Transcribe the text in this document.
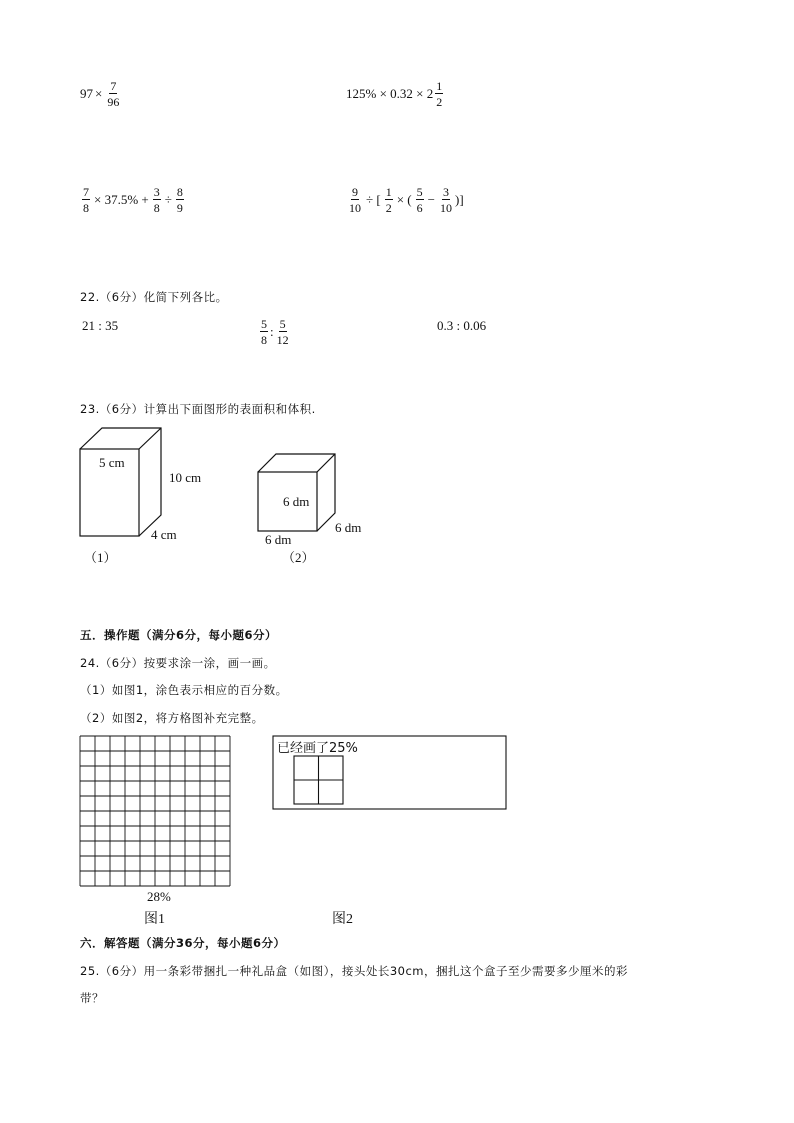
$97 \times \frac{7}{96}$	$125\% \times 0.32 \times 2 \frac{1}{2}$
$\frac{7}{8} \times 37.5\% + \frac{3}{8} \div \frac{8}{9}$	$\frac{9}{10}$ ÷ [ $\frac{1}{2}$ × ( $\frac{5}{6} - \frac{3}{10}$ )]
22.（6分）化简下列各比。
21 : 35	$\frac{5}{8}$ : $\frac{5}{12}$	0.3 : 0.06
23.（6分）计算出下面图形的表面积和体积.
5 cm
10 cm
4 cm
（1）
6 dm
6 dm
6 dm
（2）
五．操作题（满分6分，每小题6分）
24.（6分）按要求涂一涂，画一画。
（1）如图1，涂色表示相应的百分数。
（2）如图2，将方格图补充完整。
28%
图1
已经画了25%
图2
六．解答题（满分36分，每小题6分）
25.（6分）用一条彩带捆扎一种礼品盒（如图），接头处长30cm，捆扎这个盒子至少需要多少厘米的彩
带？
